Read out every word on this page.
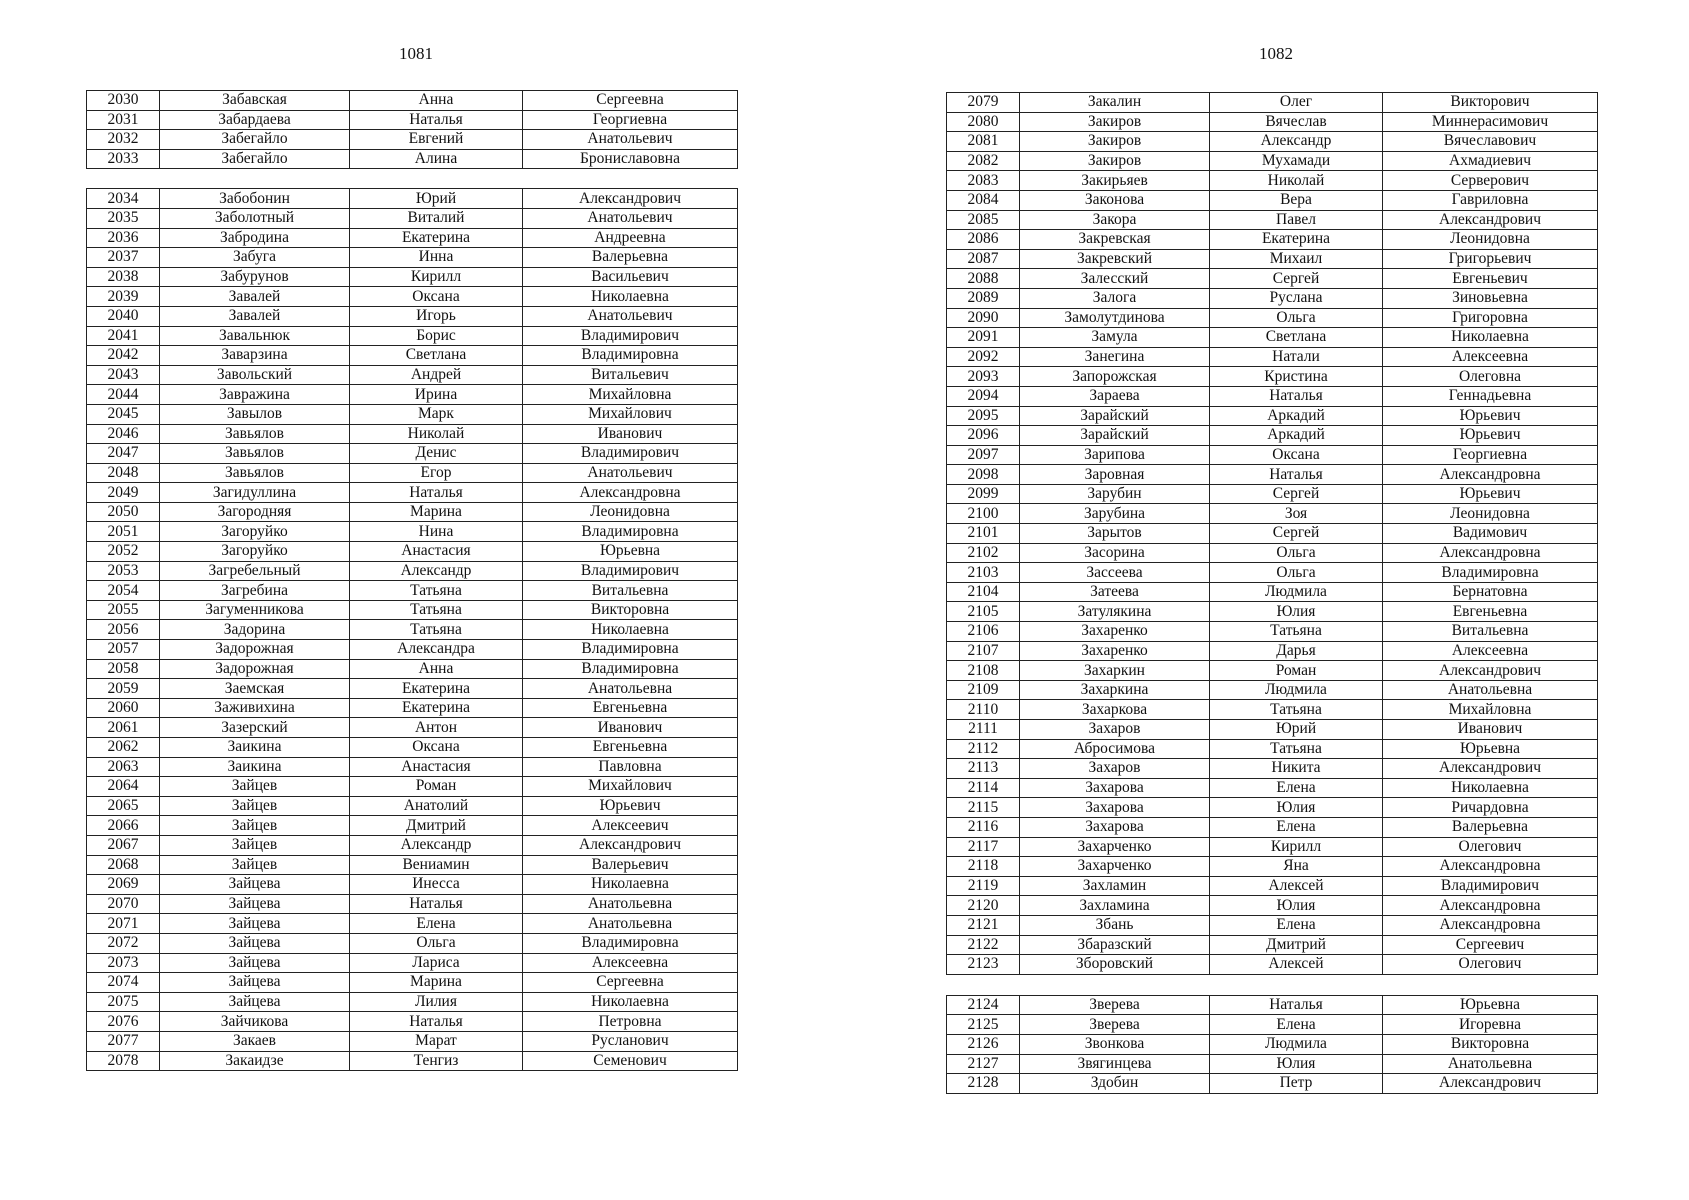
1081
2030	Забавская	Анна	Сергеевна
2031	Забардаева	Наталья	Георгиевна
2032	Забегайло	Евгений	Анатольевич
2033	Забегайло	Алина	Брониславовна
2034	Забобонин	Юрий	Александрович
2035	Заболотный	Виталий	Анатольевич
2036	Забродина	Екатерина	Андреевна
2037	Забуга	Инна	Валерьевна
2038	Забурунов	Кирилл	Васильевич
2039	Завалей	Оксана	Николаевна
2040	Завалей	Игорь	Анатольевич
2041	Завальнюк	Борис	Владимирович
2042	Заварзина	Светлана	Владимировна
2043	Завольский	Андрей	Витальевич
2044	Завражина	Ирина	Михайловна
2045	Завылов	Марк	Михайлович
2046	Завьялов	Николай	Иванович
2047	Завьялов	Денис	Владимирович
2048	Завьялов	Егор	Анатольевич
2049	Загидуллина	Наталья	Александровна
2050	Загородняя	Марина	Леонидовна
2051	Загоруйко	Нина	Владимировна
2052	Загоруйко	Анастасия	Юрьевна
2053	Загребельный	Александр	Владимирович
2054	Загребина	Татьяна	Витальевна
2055	Загуменникова	Татьяна	Викторовна
2056	Задорина	Татьяна	Николаевна
2057	Задорожная	Александра	Владимировна
2058	Задорожная	Анна	Владимировна
2059	Заемская	Екатерина	Анатольевна
2060	Заживихина	Екатерина	Евгеньевна
2061	Зазерский	Антон	Иванович
2062	Заикина	Оксана	Евгеньевна
2063	Заикина	Анастасия	Павловна
2064	Зайцев	Роман	Михайлович
2065	Зайцев	Анатолий	Юрьевич
2066	Зайцев	Дмитрий	Алексеевич
2067	Зайцев	Александр	Александрович
2068	Зайцев	Вениамин	Валерьевич
2069	Зайцева	Инесса	Николаевна
2070	Зайцева	Наталья	Анатольевна
2071	Зайцева	Елена	Анатольевна
2072	Зайцева	Ольга	Владимировна
2073	Зайцева	Лариса	Алексеевна
2074	Зайцева	Марина	Сергеевна
2075	Зайцева	Лилия	Николаевна
2076	Зайчикова	Наталья	Петровна
2077	Закаев	Марат	Русланович
2078	Закаидзе	Тенгиз	Семенович
1082
2079	Закалин	Олег	Викторович
2080	Закиров	Вячеслав	Миннерасимович
2081	Закиров	Александр	Вячеславович
2082	Закиров	Мухамади	Ахмадиевич
2083	Закирьяев	Николай	Серверович
2084	Законова	Вера	Гавриловна
2085	Закора	Павел	Александрович
2086	Закревская	Екатерина	Леонидовна
2087	Закревский	Михаил	Григорьевич
2088	Залесский	Сергей	Евгеньевич
2089	Залога	Руслана	Зиновьевна
2090	Замолутдинова	Ольга	Григоровна
2091	Замула	Светлана	Николаевна
2092	Занегина	Натали	Алексеевна
2093	Запорожская	Кристина	Олеговна
2094	Зараева	Наталья	Геннадьевна
2095	Зарайский	Аркадий	Юрьевич
2096	Зарайский	Аркадий	Юрьевич
2097	Зарипова	Оксана	Георгиевна
2098	Заровная	Наталья	Александровна
2099	Зарубин	Сергей	Юрьевич
2100	Зарубина	Зоя	Леонидовна
2101	Зарытов	Сергей	Вадимович
2102	Засорина	Ольга	Александровна
2103	Зассеева	Ольга	Владимировна
2104	Затеева	Людмила	Бернатовна
2105	Затулякина	Юлия	Евгеньевна
2106	Захаренко	Татьяна	Витальевна
2107	Захаренко	Дарья	Алексеевна
2108	Захаркин	Роман	Александрович
2109	Захаркина	Людмила	Анатольевна
2110	Захаркова	Татьяна	Михайловна
2111	Захаров	Юрий	Иванович
2112	Абросимова	Татьяна	Юрьевна
2113	Захаров	Никита	Александрович
2114	Захарова	Елена	Николаевна
2115	Захарова	Юлия	Ричардовна
2116	Захарова	Елена	Валерьевна
2117	Захарченко	Кирилл	Олегович
2118	Захарченко	Яна	Александровна
2119	Захламин	Алексей	Владимирович
2120	Захламина	Юлия	Александровна
2121	Збань	Елена	Александровна
2122	Збаразский	Дмитрий	Сергеевич
2123	Зборовский	Алексей	Олегович
2124	Зверева	Наталья	Юрьевна
2125	Зверева	Елена	Игоревна
2126	Звонкова	Людмила	Викторовна
2127	Звягинцева	Юлия	Анатольевна
2128	Здобин	Петр	Александрович
